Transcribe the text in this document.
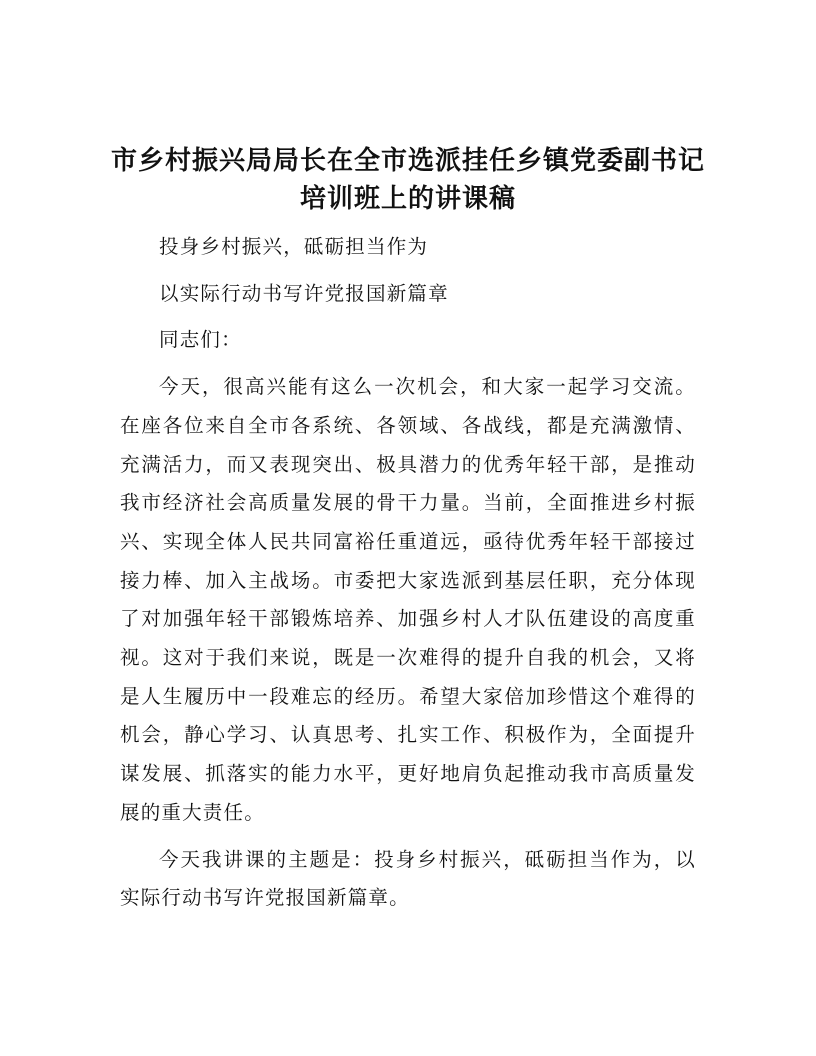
市乡村振兴局局长在全市选派挂任乡镇党委副书记培训班上的讲课稿

投身乡村振兴，砥砺担当作为

以实际行动书写许党报国新篇章

同志们：

今天，很高兴能有这么一次机会，和大家一起学习交流。在座各位来自全市各系统、各领域、各战线，都是充满激情、充满活力，而又表现突出、极具潜力的优秀年轻干部，是推动我市经济社会高质量发展的骨干力量。当前，全面推进乡村振兴、实现全体人民共同富裕任重道远，亟待优秀年轻干部接过接力棒、加入主战场。市委把大家选派到基层任职，充分体现了对加强年轻干部锻炼培养、加强乡村人才队伍建设的高度重视。这对于我们来说，既是一次难得的提升自我的机会，又将是人生履历中一段难忘的经历。希望大家倍加珍惜这个难得的机会，静心学习、认真思考、扎实工作、积极作为，全面提升谋发展、抓落实的能力水平，更好地肩负起推动我市高质量发展的重大责任。

今天我讲课的主题是：投身乡村振兴，砥砺担当作为，以实际行动书写许党报国新篇章。
